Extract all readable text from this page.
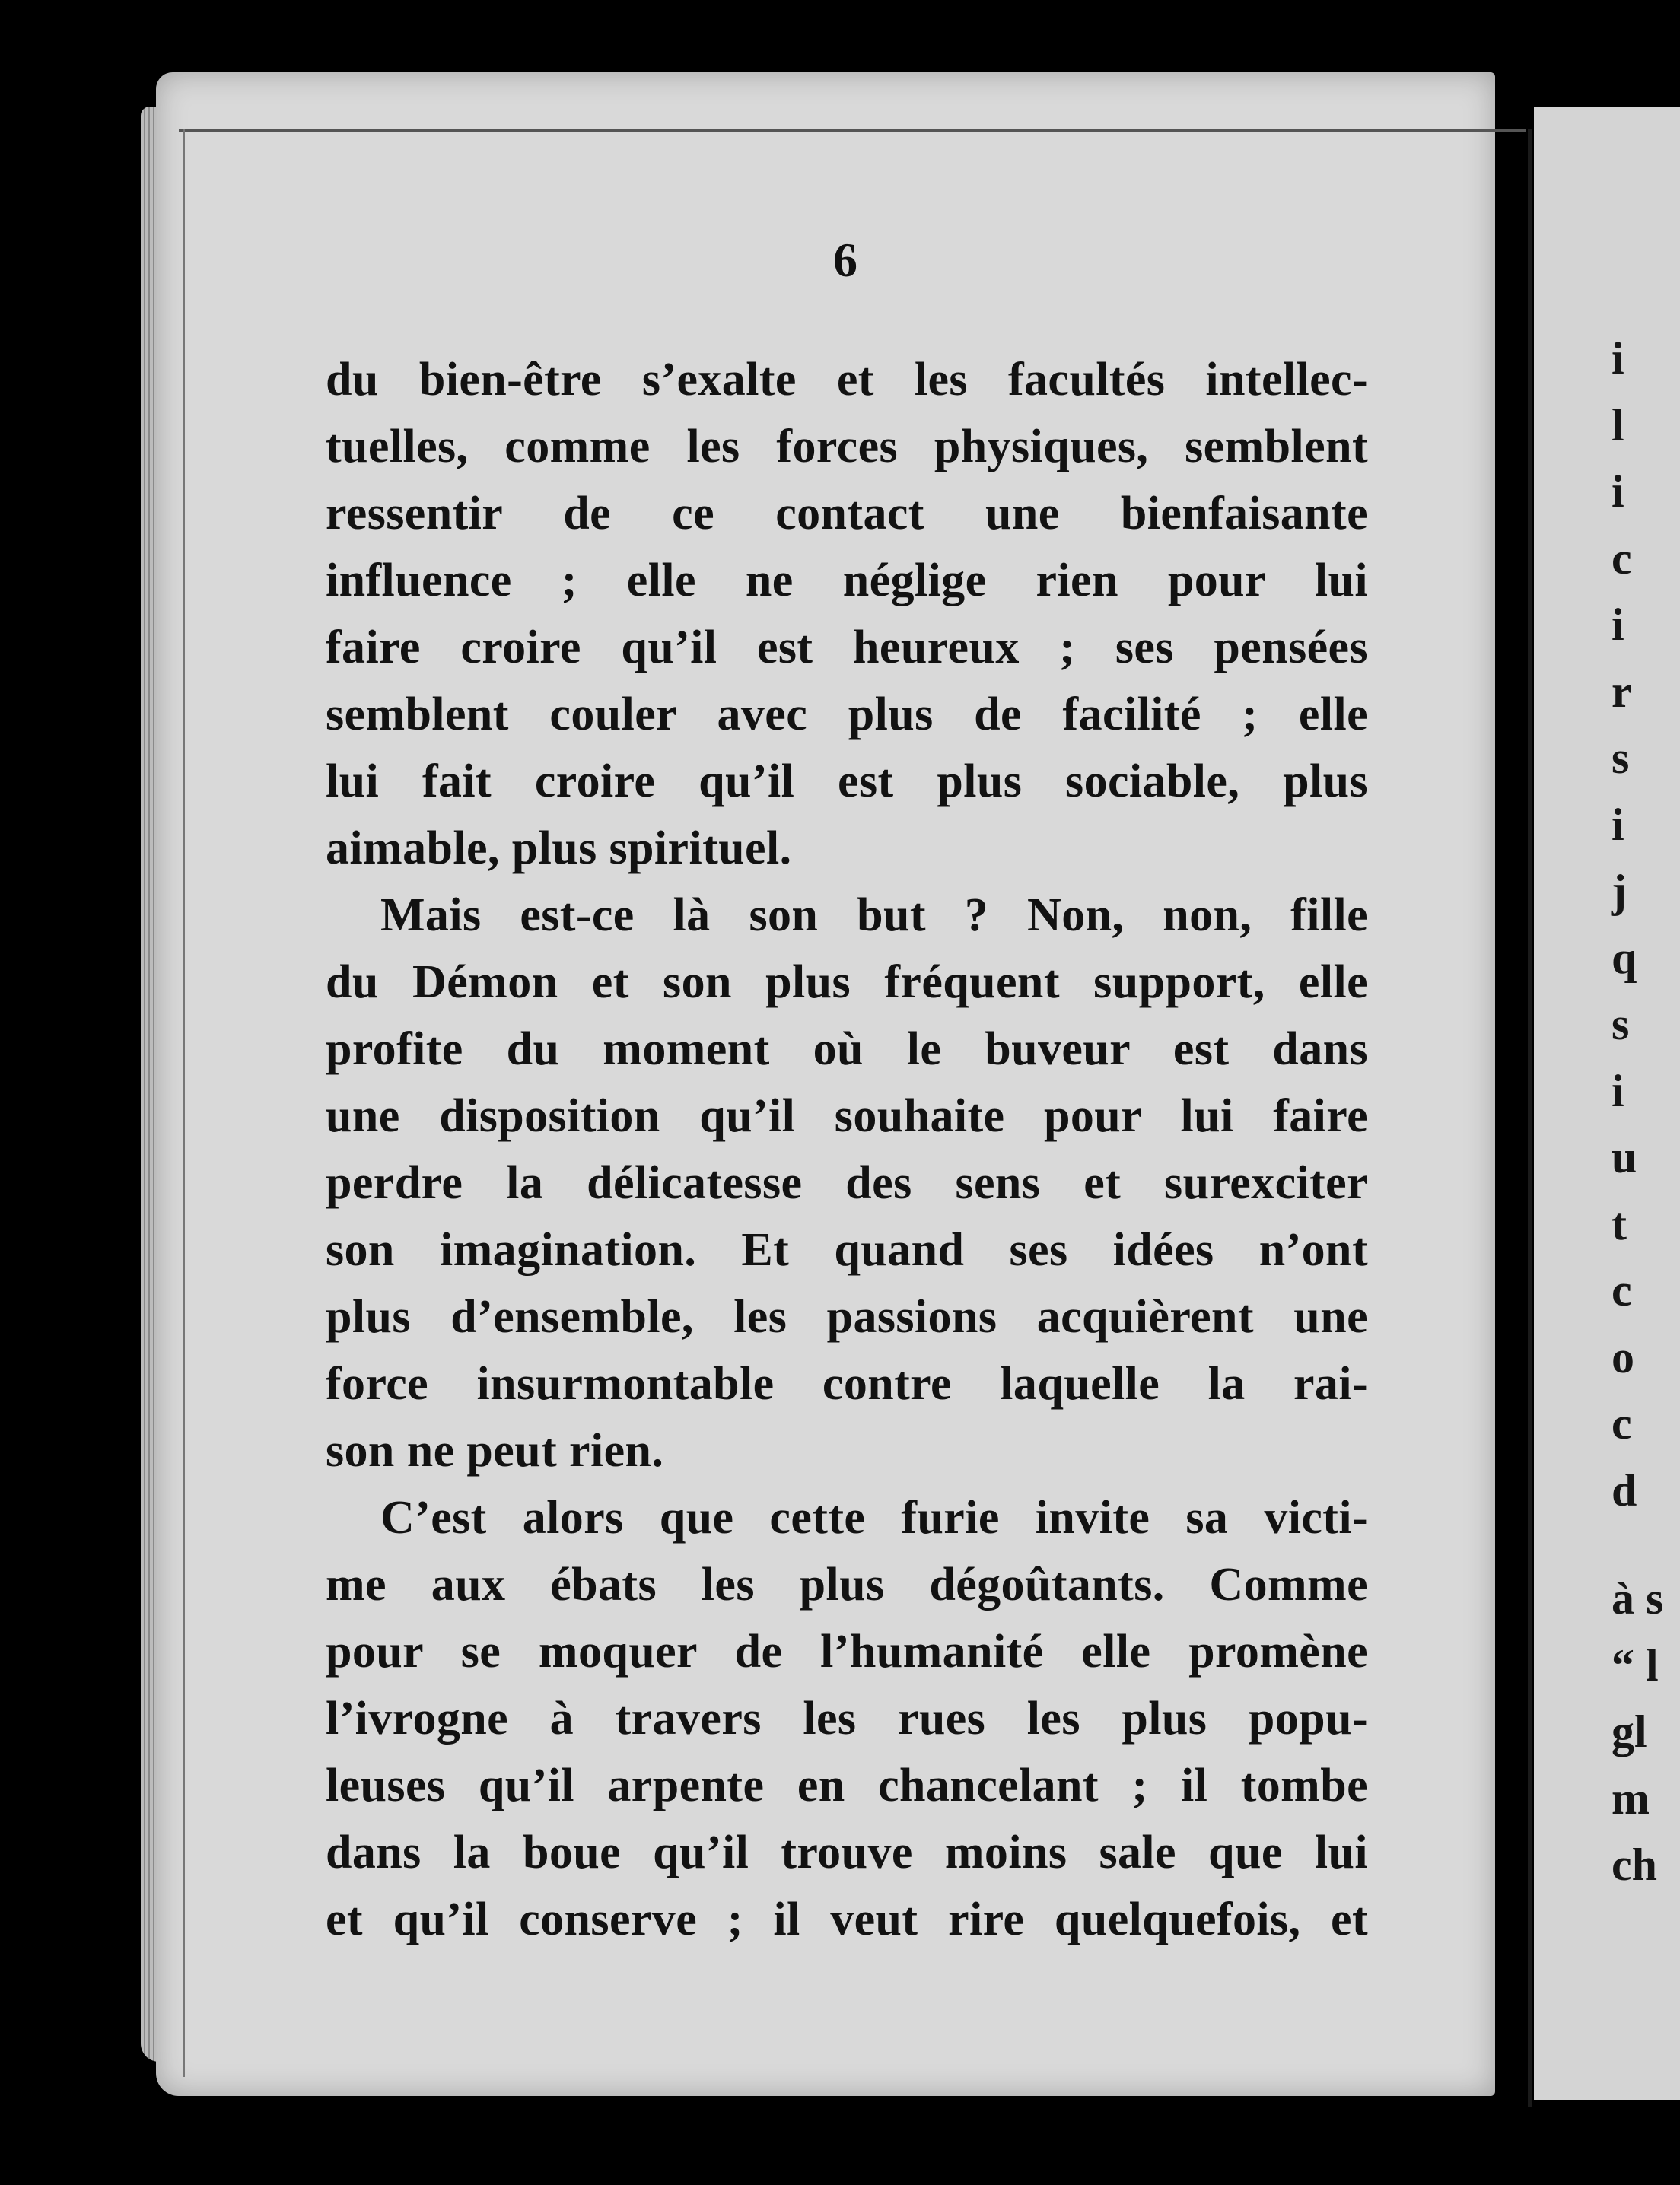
6
du bien-être s’exalte et les facultés intellec-
tuelles, comme les forces physiques, semblent
ressentir de ce contact une bienfaisante
influence ; elle ne néglige rien pour lui
faire croire qu’il est heureux ; ses pensées
semblent couler avec plus de facilité ; elle
lui fait croire qu’il est plus sociable, plus
aimable, plus spirituel.
Mais est-ce là son but ? Non, non, fille
du Démon et son plus fréquent support, elle
profite du moment où le buveur est dans
une disposition qu’il souhaite pour lui faire
perdre la délicatesse des sens et surexciter
son imagination. Et quand ses idées n’ont
plus d’ensemble, les passions acquièrent une
force insurmontable contre laquelle la rai-
son ne peut rien.
C’est alors que cette furie invite sa victi-
me aux ébats les plus dégoûtants. Comme
pour se moquer de l’humanité elle promène
l’ivrogne à travers les rues les plus popu-
leuses qu’il arpente en chancelant ; il tombe
dans la boue qu’il trouve moins sale que lui
et qu’il conserve ; il veut rire quelquefois, et
i
l
i
c
i
r
s
i
j
q
s
i
u
t
c
o
c
d
à s
“ l
gl
m
ch
